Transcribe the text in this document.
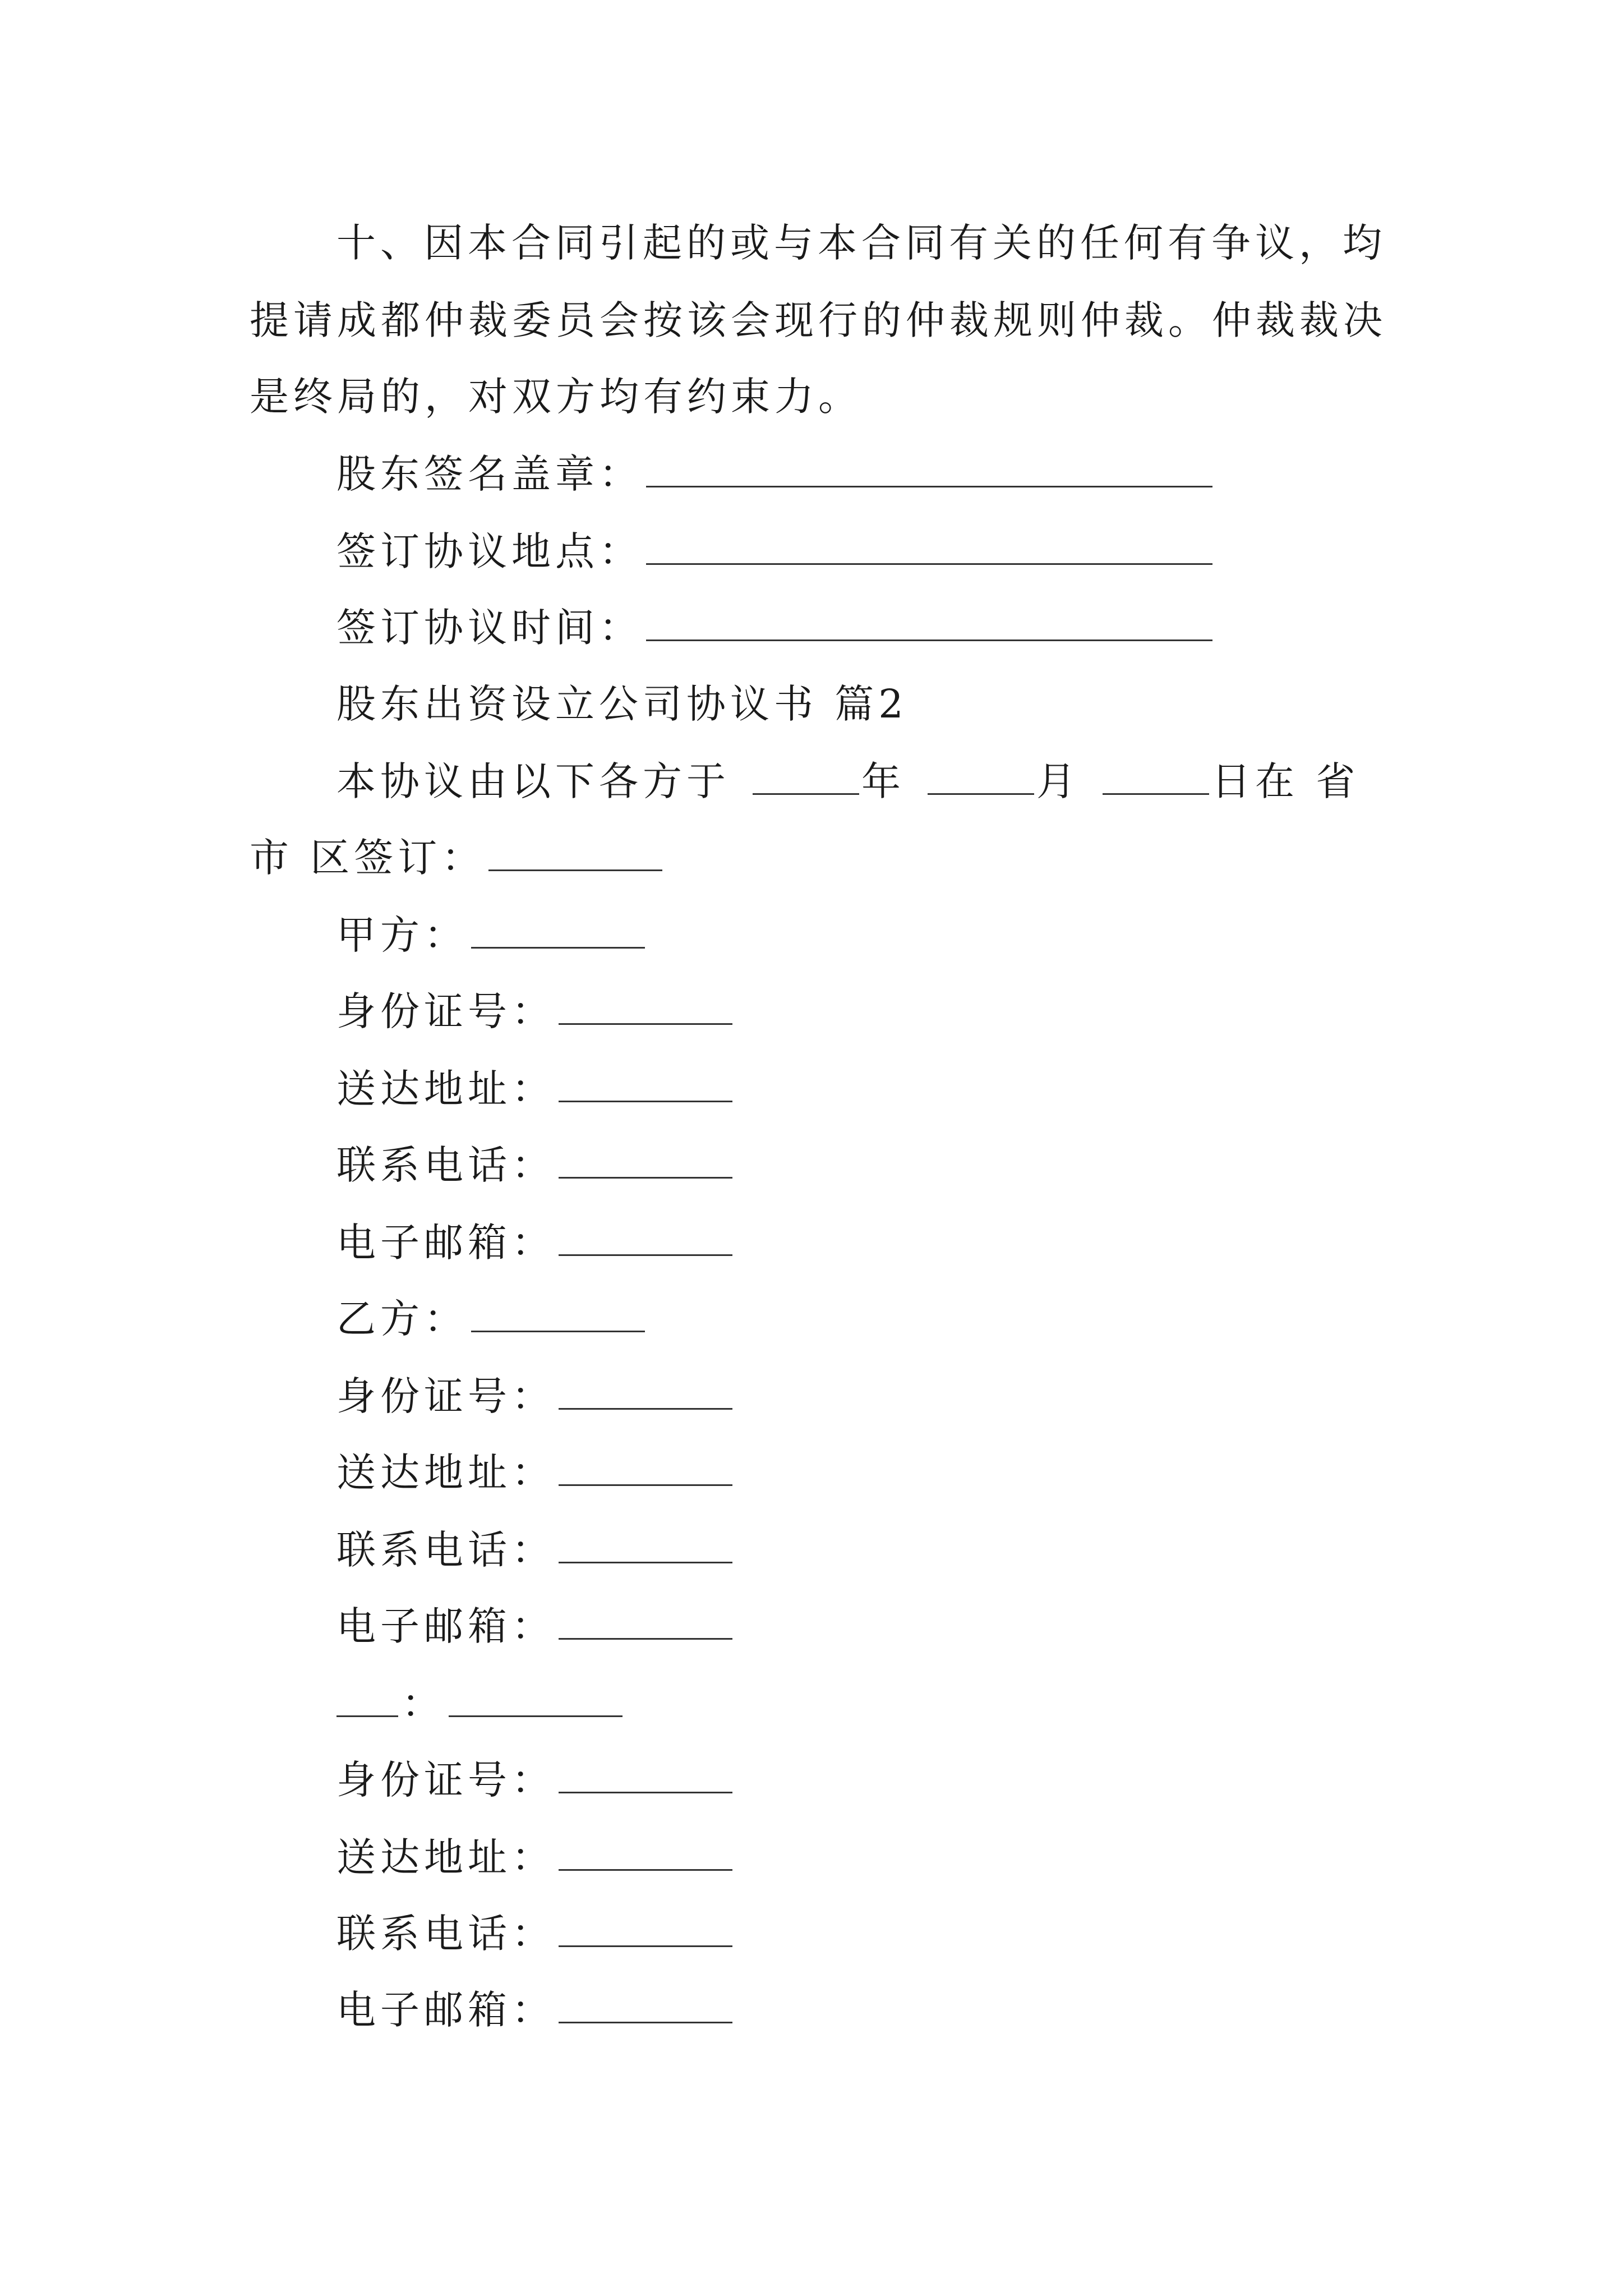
十、因本合同引起的或与本合同有关的任何有争议，均
提请成都仲裁委员会按该会现行的仲裁规则仲裁。仲裁裁决
是终局的，对双方均有约束力。
股东签名盖章：
签订协议地点：
签订协议时间：
股东出资设立公司协议书 篇2
本协议由以下各方于	年	月	日在 省
市 区签订：
甲方：
身份证号：
送达地址：
联系电话：
电子邮箱：
乙方：
身份证号：
送达地址：
联系电话：
电子邮箱：
：
身份证号：
送达地址：
联系电话：
电子邮箱：
